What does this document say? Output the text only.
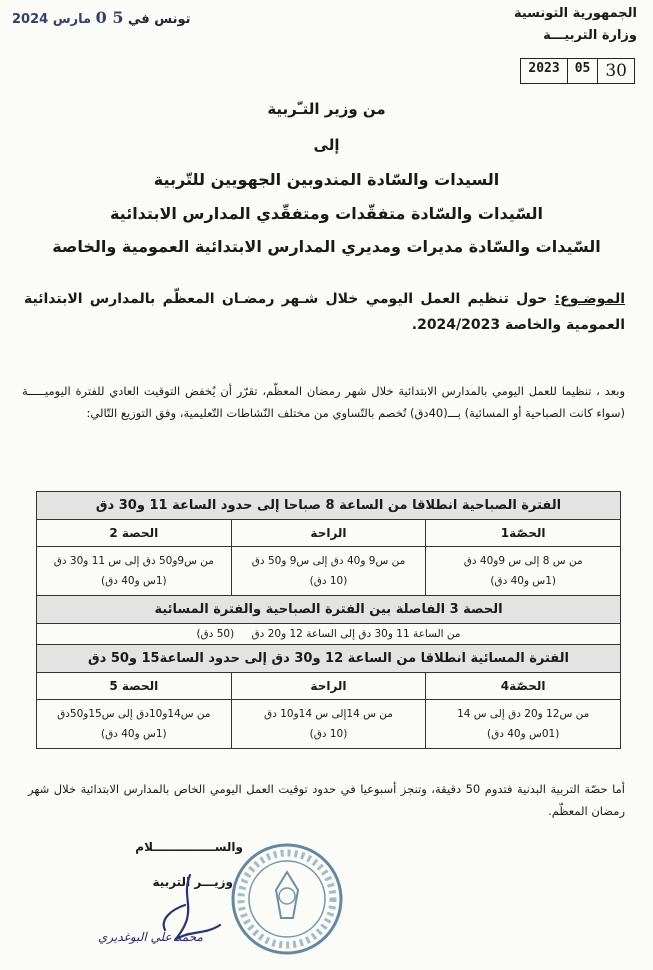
تونس في 5 0 مارس 2024	الجمهورية التونسية
وزارة التربيـــة
2023	05 30
من وزير التـّربية
إلى
السيدات والسّادة المندوبين الجهويين للتّربية
السّيدات والسّادة متفقّدات ومتفقّدي المدارس الابتدائية
السّيدات والسّادة مديرات ومديري المدارس الابتدائية العمومية والخاصة
الموضـوع: حول تنظيم العمل اليومي خلال شـهر رمضـان المعظّم بالمدارس الابتدائية العمومية والخاصة 2024/2023.
وبعد ، تنظيما للعمل اليومي بالمدارس الابتدائية خلال شهر رمضان المعظّم، تقرّر أن يُخفض التوقيت العادي للفترة اليوميـــــة (سواء كانت الصباحية أو المسائية) بـــ(40دق) تُخصم بالتّساوي من مختلف النّشاطات التّعليمية، وفق التوزيع التّالي:
الفترة الصباحية انطلاقا من الساعة 8 صباحا إلى حدود الساعة 11 و30 دق
الحصّة1
الراحة
الحصة 2
من س 8 إلى س 9و40 دق
(1س و40 دق)
من س9 و40 دق إلى س9 و50 دق
(10 دق)
من س9و50 دق إلى س 11 و30 دق
(1س و40 دق)
الحصة 3 الفاصلة بين الفترة الصباحية والفترة المسائية
من الساعة 11 و30 دق إلى الساعة 12 و20 دق (50 دق)
الفترة المسائية انطلاقا من الساعة 12 و30 دق إلى حدود الساعة15 و50 دق
الحصّة4
الراحة
الحصة 5
من س12 و20 دق إلى س 14
(01س و40 دق)
من س 14إلى س 14و10 دق
(10 دق)
من س14و10دق إلى س15و50دق
(1س و40 دق)
أما حصّة التربية البدنية فتدوم 50 دقيقة، وتنجز أسبوعيا في حدود توقيت العمل اليومي الخاص بالمدارس الابتدائية خلال شهر رمضان المعظّم.
والســـــــــــــــلام
وزيـــر التربية
محمّد علي البوغديري
